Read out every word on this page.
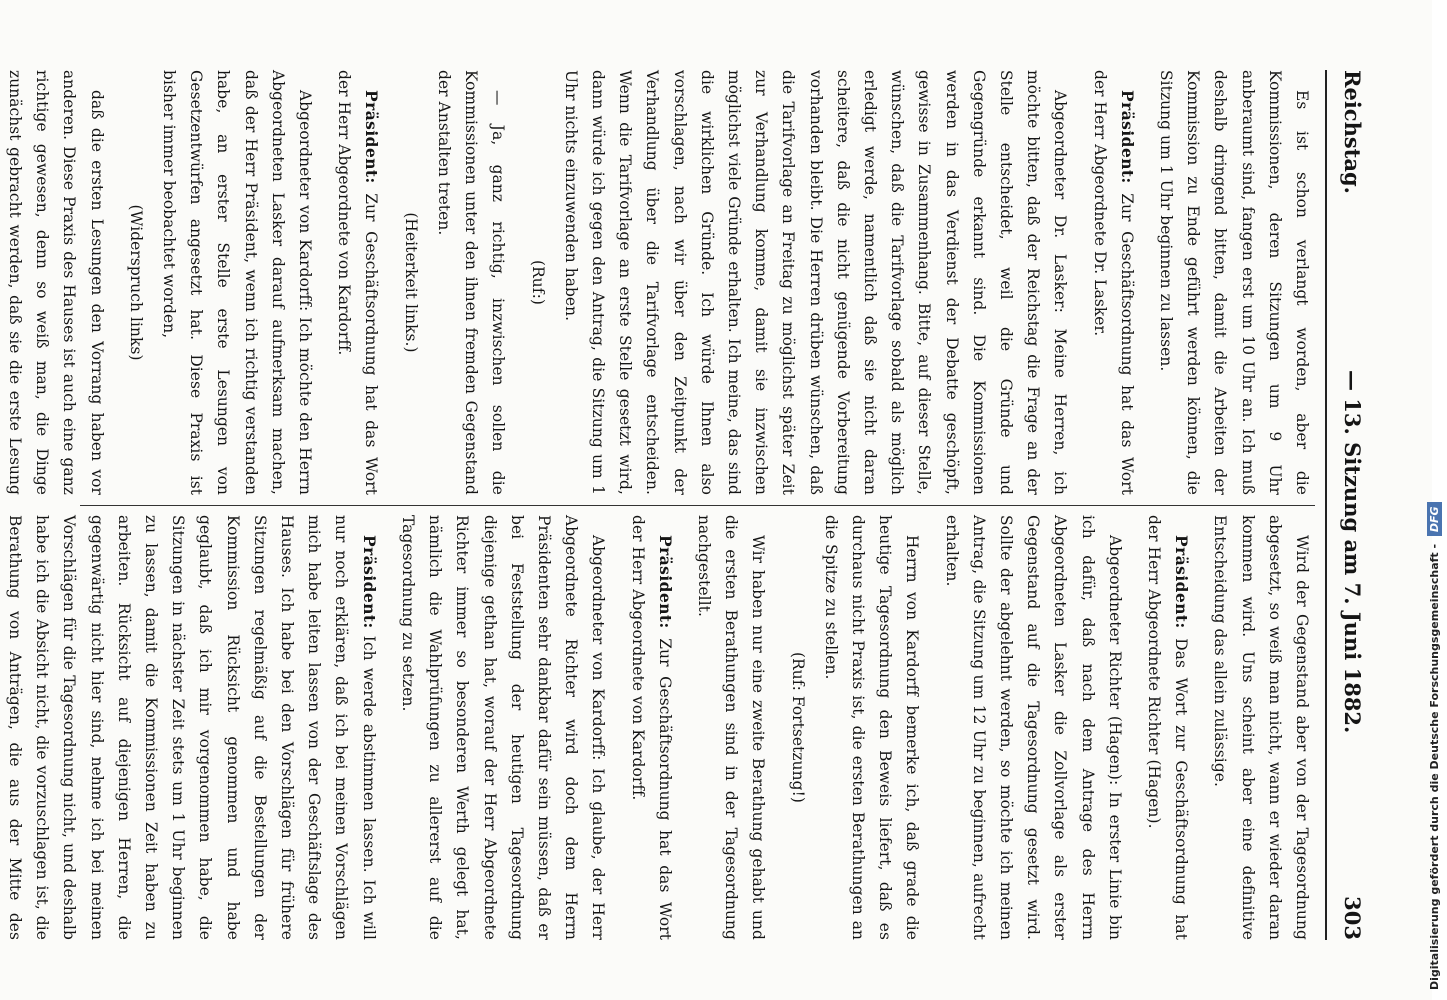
Reichstag.
— 13. Sitzung am 7. Juni 1882.
303

Es ist schon verlangt worden, aber die Kommissionen, deren Sitzungen um 9 Uhr anberaumt sind, fangen erst um 10 Uhr an. Ich muß deshalb dringend bitten, damit die Arbeiten der Kommission zu Ende geführt werden können, die Sitzung um 1 Uhr beginnen zu lassen.

Präsident: Zur Geschäftsordnung hat das Wort der Herr Abgeordnete Dr. Lasker.

Abgeordneter Dr. Lasker: Meine Herren, ich möchte bitten, daß der Reichstag die Frage an der Stelle entscheidet, weil die Gründe und Gegengründe erkannt sind. Die Kommissionen werden in das Verdienst der Debatte geschöpft, gewisse in Zusammenhang. Bitte, auf dieser Stelle, wünschen, daß die Tarifvorlage sobald als möglich erledigt werde, namentlich daß sie nicht daran scheitere, daß die nicht genügende Vorbereitung vorhanden bleibt. Die Herren drüben wünschen, daß die Tarifvorlage an Freitag zu möglichst später Zeit zur Verhandlung komme, damit sie inzwischen möglichst viele Gründe erhalten. Ich meine, das sind die wirklichen Gründe. Ich würde Ihnen also vorschlagen, nach wir über den Zeitpunkt der Verhandlung über die Tarifvorlage entscheiden. Wenn die Tarifvorlage an erste Stelle gesetzt wird, dann würde ich gegen den Antrag, die Sitzung um 1 Uhr nichts einzuwenden haben.

(Ruf:)

— Ja, ganz richtig, inzwischen sollen die Kommissionen unter den ihnen fremden Gegenstand der Anstalten treten.

(Heiterkeit links.)

Präsident: Zur Geschäftsordnung hat das Wort der Herr Abgeordnete von Kardorff.

Abgeordneter von Kardorff: Ich möchte den Herrn Abgeordneten Lasker darauf aufmerksam machen, daß der Herr Präsident, wenn ich richtig verstanden habe, an erster Stelle erste Lesungen von Gesetzentwürfen angesetzt hat. Diese Praxis ist bisher immer beobachtet worden,

(Widerspruch links)

daß die ersten Lesungen den Vorrang haben vor anderen. Diese Praxis des Hauses ist auch eine ganz richtige gewesen, denn so weiß man, die Dinge zunächst gebracht werden, daß sie die erste Lesung

Wird der Gegenstand aber von der Tagesordnung abgesetzt, so weiß man nicht, wann er wieder daran kommen wird. Uns scheint aber eine definitive Entscheidung das allein zulässige.

Präsident: Das Wort zur Geschäftsordnung hat der Herr Abgeordnete Richter (Hagen).

Abgeordneter Richter (Hagen): In erster Linie bin ich dafür, daß nach dem Antrage des Herrn Abgeordneten Lasker die Zollvorlage als erster Gegenstand auf die Tagesordnung gesetzt wird. Sollte der abgelehnt werden, so möchte ich meinen Antrag, die Sitzung um 12 Uhr zu beginnen, aufrecht erhalten.

Herrn von Kardorff bemerke ich, daß grade die heutige Tagesordnung den Beweis liefert, daß es durchaus nicht Praxis ist, die ersten Berathungen an die Spitze zu stellen.

(Ruf: Fortsetzung!)

Wir haben nur eine zweite Berathung gehabt und die ersten Berathungen sind in der Tagesordnung nachgestellt.

Präsident: Zur Geschäftsordnung hat das Wort der Herr Abgeordnete von Kardorff.

Abgeordneter von Kardorff: Ich glaube, der Herr Abgeordnete Richter wird doch dem Herrn Präsidenten sehr dankbar dafür sein müssen, daß er bei Feststellung der heutigen Tagesordnung diejenige gethan hat, worauf der Herr Abgeordnete Richter immer so besonderen Werth gelegt hat, nämlich die Wahlprüfungen zu allererst auf die Tagesordnung zu setzen.

Präsident: Ich werde abstimmen lassen. Ich will nur noch erklären, daß ich bei meinen Vorschlägen mich habe leiten lassen von der Geschäftslage des Hauses. Ich habe bei den Vorschlägen für frühere Sitzungen regelmäßig auf die Bestellungen der Kommission Rücksicht genommen und habe geglaubt, daß ich mir vorgenommen habe, die Sitzungen in nächster Zeit stets um 1 Uhr beginnen zu lassen, damit die Kommissionen Zeit haben zu arbeiten. Rücksicht auf diejenigen Herren, die gegenwärtig nicht hier sind, nehme ich bei meinen Vorschlägen für die Tagesordnung nicht, und deshalb habe ich die Absicht nicht, die vorzuschlagen ist, die Berathung von Anträgen, die aus der Mitte des	Digitalisierung gefördert durch die Deutsche Forschungsgemeinschaft - DFG
